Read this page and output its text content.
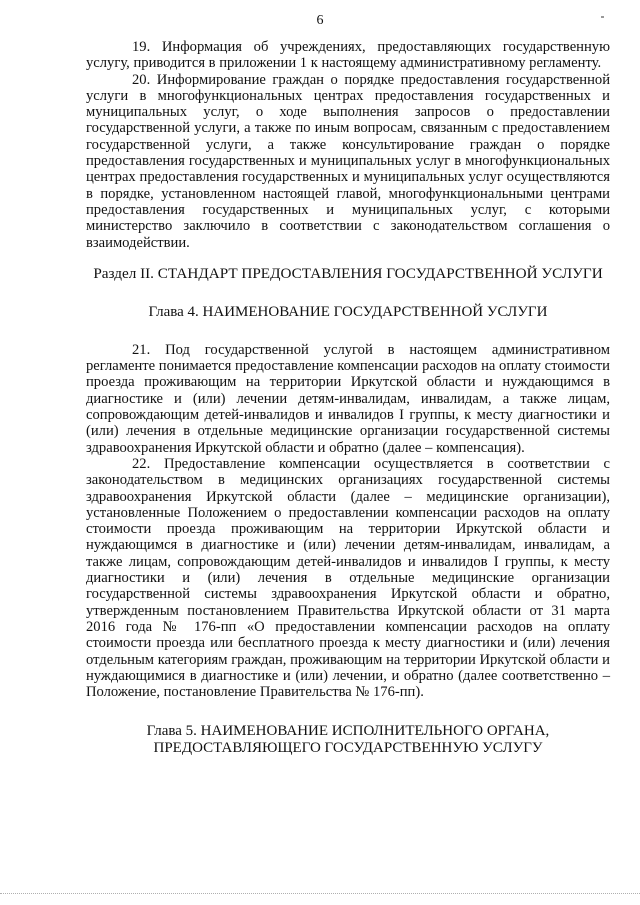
6

19. Информация об учреждениях, предоставляющих государственную услугу, приводится в приложении 1 к настоящему административному регламенту.

20. Информирование граждан о порядке предоставления государственной услуги в многофункциональных центрах предоставления государственных и муниципальных услуг, о ходе выполнения запросов о предоставлении государственной услуги, а также по иным вопросам, связанным с предоставлением государственной услуги, а также консультирование граждан о порядке предоставления государственных и муниципальных услуг в многофункциональных центрах предоставления государственных и муниципальных услуг осуществляются в порядке, установленном настоящей главой, многофункциональными центрами предоставления государственных и муниципальных услуг, с которыми министерство заключило в соответствии с законодательством соглашения о взаимодействии.

Раздел II. СТАНДАРТ ПРЕДОСТАВЛЕНИЯ ГОСУДАРСТВЕННОЙ УСЛУГИ

Глава 4. НАИМЕНОВАНИЕ ГОСУДАРСТВЕННОЙ УСЛУГИ

21. Под государственной услугой в настоящем административном регламенте понимается предоставление компенсации расходов на оплату стоимости проезда проживающим на территории Иркутской области и нуждающимся в диагностике и (или) лечении детям-инвалидам, инвалидам, а также лицам, сопровождающим детей-инвалидов и инвалидов I группы, к месту диагностики и (или) лечения в отдельные медицинские организации государственной системы здравоохранения Иркутской области и обратно (далее – компенсация).

22. Предоставление компенсации осуществляется в соответствии с законодательством в медицинских организациях государственной системы здравоохранения Иркутской области (далее – медицинские организации), установленные Положением о предоставлении компенсации расходов на оплату стоимости проезда проживающим на территории Иркутской области и нуждающимся в диагностике и (или) лечении детям-инвалидам, инвалидам, а также лицам, сопровождающим детей-инвалидов и инвалидов I группы, к месту диагностики и (или) лечения в отдельные медицинские организации государственной системы здравоохранения Иркутской области и обратно, утвержденным постановлением Правительства Иркутской области от 31 марта 2016 года № 176-пп «О предоставлении компенсации расходов на оплату стоимости проезда или бесплатного проезда к месту диагностики и (или) лечения отдельным категориям граждан, проживающим на территории Иркутской области и нуждающимися в диагностике и (или) лечении, и обратно (далее соответственно – Положение, постановление Правительства № 176-пп).

Глава 5. НАИМЕНОВАНИЕ ИСПОЛНИТЕЛЬНОГО ОРГАНА,

ПРЕДОСТАВЛЯЮЩЕГО ГОСУДАРСТВЕННУЮ УСЛУГУ
